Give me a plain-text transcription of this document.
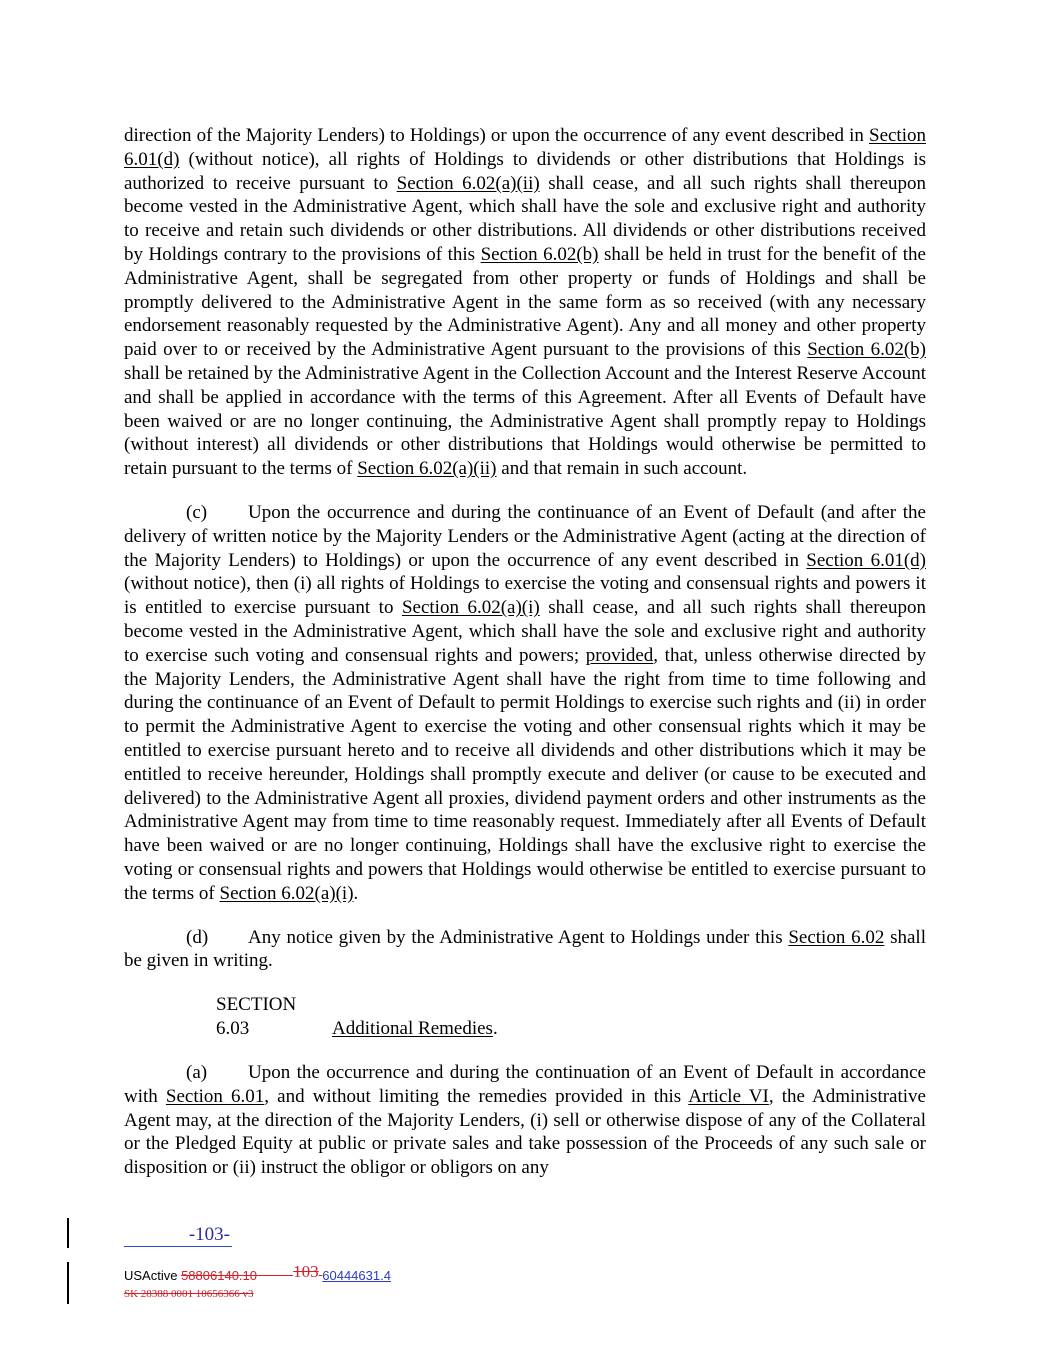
direction of the Majority Lenders) to Holdings) or upon the occurrence of any event described in Section 6.01(d) (without notice), all rights of Holdings to dividends or other distributions that Holdings is authorized to receive pursuant to Section 6.02(a)(ii) shall cease, and all such rights shall thereupon become vested in the Administrative Agent, which shall have the sole and exclusive right and authority to receive and retain such dividends or other distributions. All dividends or other distributions received by Holdings contrary to the provisions of this Section 6.02(b) shall be held in trust for the benefit of the Administrative Agent, shall be segregated from other property or funds of Holdings and shall be promptly delivered to the Administrative Agent in the same form as so received (with any necessary endorsement reasonably requested by the Administrative Agent). Any and all money and other property paid over to or received by the Administrative Agent pursuant to the provisions of this Section 6.02(b) shall be retained by the Administrative Agent in the Collection Account and the Interest Reserve Account and shall be applied in accordance with the terms of this Agreement. After all Events of Default have been waived or are no longer continuing, the Administrative Agent shall promptly repay to Holdings (without interest) all dividends or other distributions that Holdings would otherwise be permitted to retain pursuant to the terms of Section 6.02(a)(ii) and that remain in such account.

(c) Upon the occurrence and during the continuance of an Event of Default (and after the delivery of written notice by the Majority Lenders or the Administrative Agent (acting at the direction of the Majority Lenders) to Holdings) or upon the occurrence of any event described in Section 6.01(d) (without notice), then (i) all rights of Holdings to exercise the voting and consensual rights and powers it is entitled to exercise pursuant to Section 6.02(a)(i) shall cease, and all such rights shall thereupon become vested in the Administrative Agent, which shall have the sole and exclusive right and authority to exercise such voting and consensual rights and powers; provided, that, unless otherwise directed by the Majority Lenders, the Administrative Agent shall have the right from time to time following and during the continuance of an Event of Default to permit Holdings to exercise such rights and (ii) in order to permit the Administrative Agent to exercise the voting and other consensual rights which it may be entitled to exercise pursuant hereto and to receive all dividends and other distributions which it may be entitled to receive hereunder, Holdings shall promptly execute and deliver (or cause to be executed and delivered) to the Administrative Agent all proxies, dividend payment orders and other instruments as the Administrative Agent may from time to time reasonably request. Immediately after all Events of Default have been waived or are no longer continuing, Holdings shall have the exclusive right to exercise the voting or consensual rights and powers that Holdings would otherwise be entitled to exercise pursuant to the terms of Section 6.02(a)(i).

(d) Any notice given by the Administrative Agent to Holdings under this Section 6.02 shall be given in writing.

SECTION 6.03	Additional Remedies.

(a) Upon the occurrence and during the continuation of an Event of Default in accordance with Section 6.01, and without limiting the remedies provided in this Article VI, the Administrative Agent may, at the direction of the Majority Lenders, (i) sell or otherwise dispose of any of the Collateral or the Pledged Equity at public or private sales and take possession of the Proceeds of any such sale or disposition or (ii) instruct the obligor or obligors on any

-103-
USActive 58806140.10 103 60444631.4
SK 28388 0001 10656366 v3
